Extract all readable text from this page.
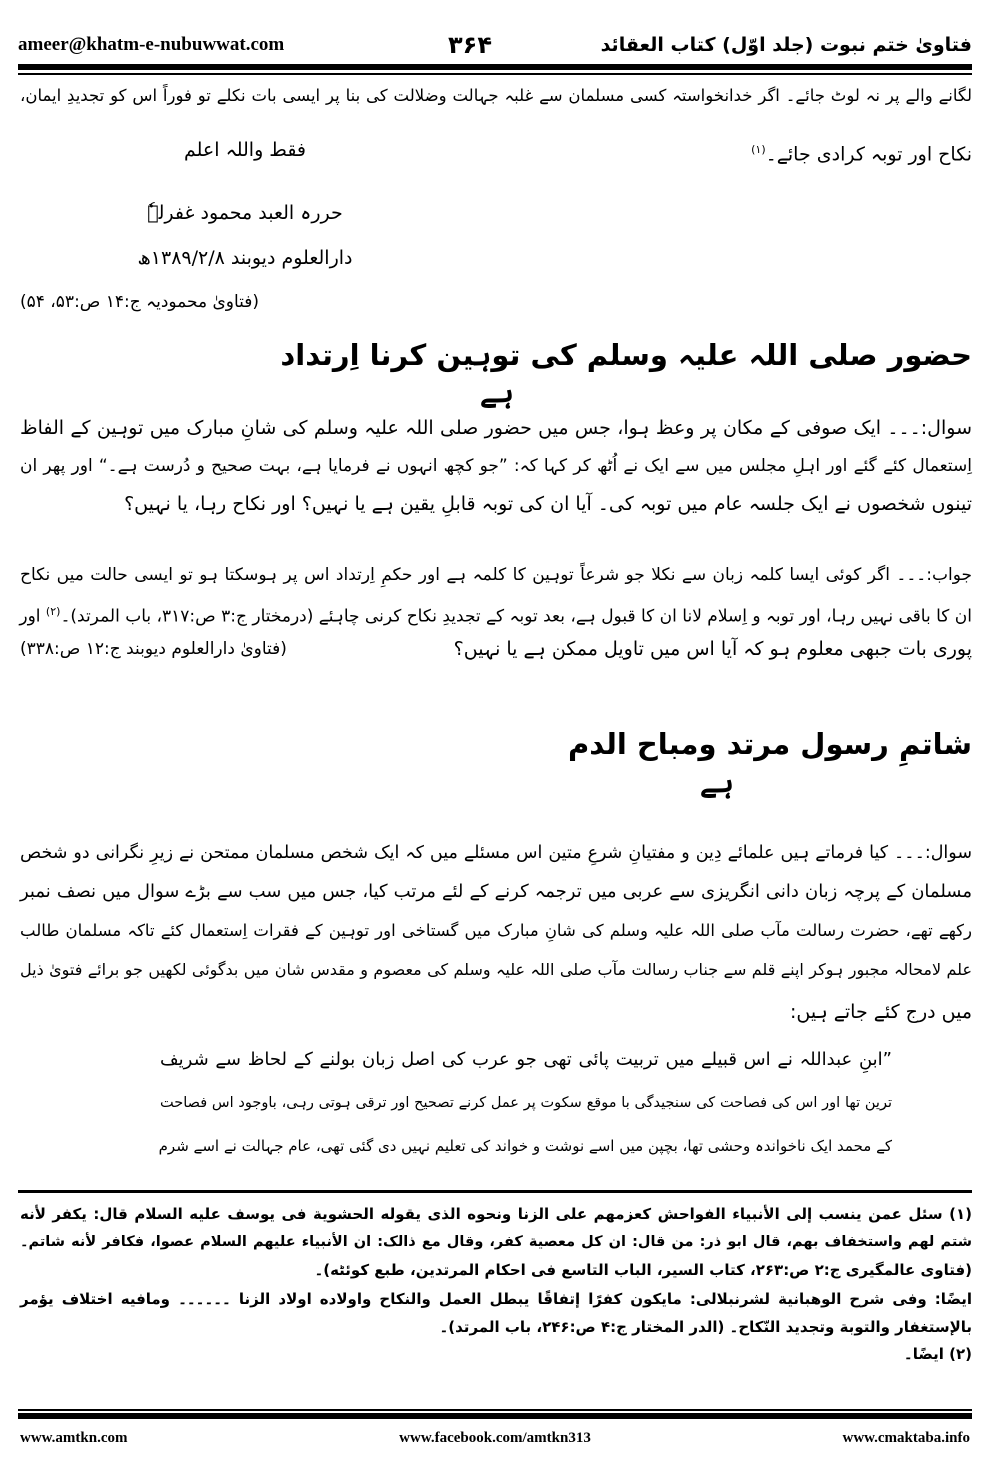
ameer@khatm-e-nubuwwat.com	۳۶۴	فتاویٰ ختم نبوت (جلد اوّل) کتاب العقائد
لگانے والے پر نہ لوٹ جائے۔ اگر خدانخواستہ کسی مسلمان سے غلبہ جہالت وضلالت کی بنا پر ایسی بات نکلے تو فوراً اس کو تجدیدِ ایمان،
نکاح اور توبہ کرادی جائے۔$^{(۱)}$
فقط واللہ اعلم
حررہ العبد محمود غفرلہٗ
دارالعلوم دیوبند ۱۳۸۹/۲/۸ھ
(فتاویٰ محمودیہ ج:۱۴ ص:۵۳، ۵۴)
حضور صلی اللہ علیہ وسلم کی توہین کرنا اِرتداد
ہے
سوال:۔۔۔ ایک صوفی کے مکان پر وعظ ہوا، جس میں حضور صلی اللہ علیہ وسلم کی شانِ مبارک میں توہین کے الفاظ
اِستعمال کئے گئے اور اہلِ مجلس میں سے ایک نے اُٹھ کر کہا کہ: ”جو کچھ انہوں نے فرمایا ہے، بہت صحیح و دُرست ہے۔“ اور پھر ان
تینوں شخصوں نے ایک جلسہ عام میں توبہ کی۔ آیا ان کی توبہ قابلِ یقین ہے یا نہیں؟ اور نکاح رہا، یا نہیں؟
جواب:۔۔۔ اگر کوئی ایسا کلمہ زبان سے نکلا جو شرعاً توہین کا کلمہ ہے اور حکمِ اِرتداد اس پر ہوسکتا ہو تو ایسی حالت میں نکاح
ان کا باقی نہیں رہا، اور توبہ و اِسلام لانا ان کا قبول ہے، بعد توبہ کے تجدیدِ نکاح کرنی چاہئے (درمختار ج:۳ ص:۳۱۷، باب المرتد)۔$^{(۲)}$ اور
پوری بات جبھی معلوم ہو کہ آیا اس میں تاویل ممکن ہے یا نہیں؟
(فتاویٰ دارالعلوم دیوبند ج:۱۲ ص:۳۳۸)
شاتمِ رسول مرتد ومباح الدم
ہے
سوال:۔۔۔ کیا فرماتے ہیں علمائے دِین و مفتیانِ شرعِ متین اس مسئلے میں کہ ایک شخص مسلمان ممتحن نے زیرِ نگرانی دو شخص
مسلمان کے پرچہ زبان دانی انگریزی سے عربی میں ترجمہ کرنے کے لئے مرتب کیا، جس میں سب سے بڑے سوال میں نصف نمبر
رکھے تھے، حضرت رسالت مآب صلی اللہ علیہ وسلم کی شانِ مبارک میں گستاخی اور توہین کے فقرات اِستعمال کئے تاکہ مسلمان طالب
علم لامحالہ مجبور ہوکر اپنے قلم سے جناب رسالت مآب صلی اللہ علیہ وسلم کی معصوم و مقدس شان میں بدگوئی لکھیں جو برائے فتویٰ ذیل
میں درج کئے جاتے ہیں:
”ابنِ عبداللہ نے اس قبیلے میں تربیت پائی تھی جو عرب کی اصل زبان بولنے کے لحاظ سے شریف
ترین تھا اور اس کی فصاحت کی سنجیدگی با موقع سکوت پر عمل کرنے تصحیح اور ترقی ہوتی رہی، باوجود اس فصاحت
کے محمد ایک ناخواندہ وحشی تھا، بچپن میں اسے نوشت و خواند کی تعلیم نہیں دی گئی تھی، عام جہالت نے اسے شرم
(۱) سئل عمن ینسب إلی الأنبیاء الفواحش کعزمهم علی الزنا ونحوه الذی یقوله الحشویة فی یوسف علیه السلام قال: یکفر لأنه
شتم لهم واستخفاف بهم، قال ابو ذر: من قال: ان کل معصیة کفر، وقال مع ذالک: ان الأنبیاء علیهم السلام عصوا، فکافر لأنه شاتم۔
(فتاوی عالمگیری ج:۲ ص:۲۶۳، کتاب السیر، الباب التاسع فی احکام المرتدین، طبع کوئٹه)۔
ایضًا: وفی شرح الوهبانیة لشرنبلالی: مایکون کفرًا إتفاقًا یبطل العمل والنکاح واولاده اولاد الزنا ۔۔۔۔۔۔ ومافیه اختلاف یؤمر
بالإستغفار والتوبة وتجدید النّکاح۔ (الدر المختار ج:۴ ص:۲۴۶، باب المرتد)۔
(۲) ایضًا۔
www.amtkn.com	www.facebook.com/amtkn313	www.cmaktaba.info
